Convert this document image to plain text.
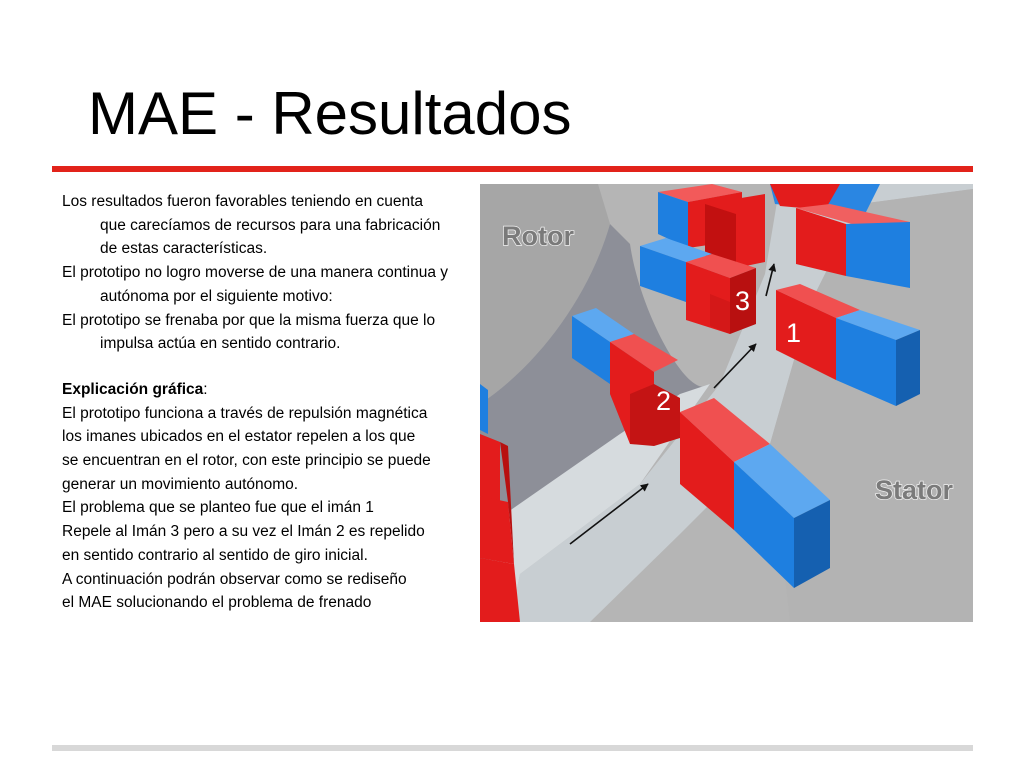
MAE - Resultados

Los resultados fueron favorables teniendo en cuenta

que carecíamos de recursos para una fabricación

de estas características.

El prototipo no logro moverse de una manera continua y

autónoma por el siguiente motivo:

El prototipo se frenaba por que la misma fuerza que lo

impulsa actúa en sentido contrario.

Explicación gráfica:

El prototipo funciona a través de repulsión magnética

los imanes ubicados en el estator repelen a los que

se encuentran en el rotor, con este principio se puede

generar un movimiento autónomo.

El problema que se planteo fue que el imán 1

Repele al Imán 3 pero a su vez el Imán 2 es repelido

en sentido contrario al sentido de giro inicial.

A continuación podrán observar como se rediseño

el MAE solucionando el problema de frenado

Rotor
Stator
3
1
2
